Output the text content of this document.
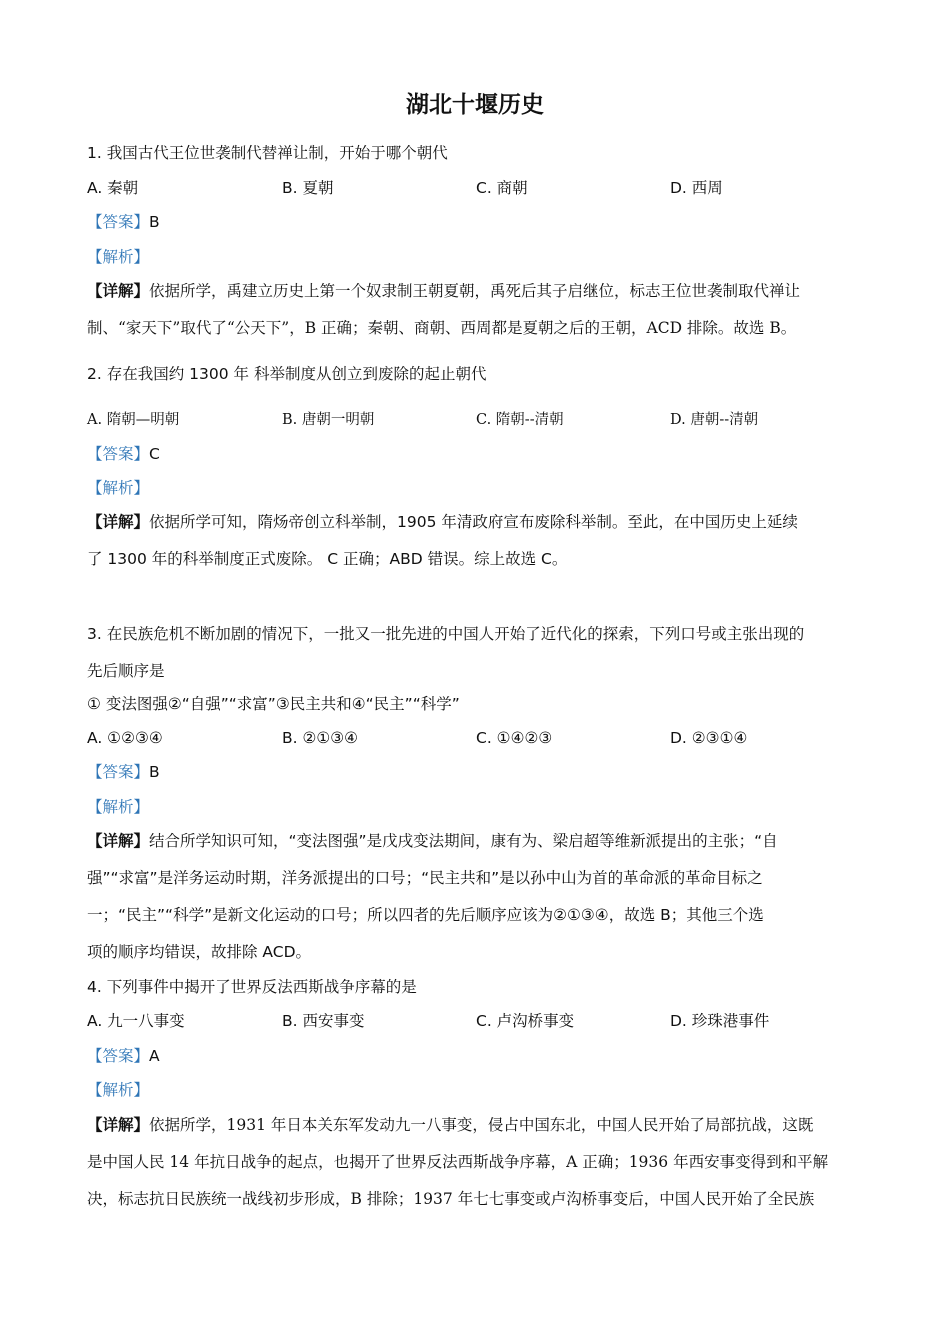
湖北十堰历史
1. 我国古代王位世袭制代替禅让制，开始于哪个朝代
A. 秦朝	B. 夏朝	C. 商朝	D. 西周
【答案】B
【解析】
【详解】依据所学，禹建立历史上第一个奴隶制王朝夏朝，禹死后其子启继位，标志王位世袭制取代禅让
制、“家天下”取代了“公天下”，B 正确；秦朝、商朝、西周都是夏朝之后的王朝，ACD 排除。故选 B。
2. 存在我国约 1300 年 科举制度从创立到废除的起止朝代
A. 隋朝—明朝	B. 唐朝一明朝	C. 隋朝--清朝	D. 唐朝--清朝
【答案】C
【解析】
【详解】依据所学可知，隋炀帝创立科举制，1905 年清政府宣布废除科举制。至此，在中国历史上延续
了 1300 年的科举制度正式废除。 C 正确；ABD 错误。综上故选 C。
3. 在民族危机不断加剧的情况下，一批又一批先进的中国人开始了近代化的探索，下列口号或主张出现的
先后顺序是
① 变法图强②“自强”“求富”③民主共和④“民主”“科学”
A. ①②③④	B. ②①③④	C. ①④②③	D. ②③①④
【答案】B
【解析】
【详解】结合所学知识可知，“变法图强”是戊戌变法期间，康有为、梁启超等维新派提出的主张；“自
强”“求富”是洋务运动时期，洋务派提出的口号；“民主共和”是以孙中山为首的革命派的革命目标之
一；“民主”“科学”是新文化运动的口号；所以四者的先后顺序应该为②①③④，故选 B；其他三个选
项的顺序均错误，故排除 ACD。
4. 下列事件中揭开了世界反法西斯战争序幕的是
A. 九一八事变	B. 西安事变	C. 卢沟桥事变	D. 珍珠港事件
【答案】A
【解析】
【详解】依据所学，1931 年日本关东军发动九一八事变，侵占中国东北，中国人民开始了局部抗战，这既
是中国人民 14 年抗日战争的起点，也揭开了世界反法西斯战争序幕，A 正确；1936 年西安事变得到和平解
决，标志抗日民族统一战线初步形成，B 排除；1937 年七七事变或卢沟桥事变后，中国人民开始了全民族
